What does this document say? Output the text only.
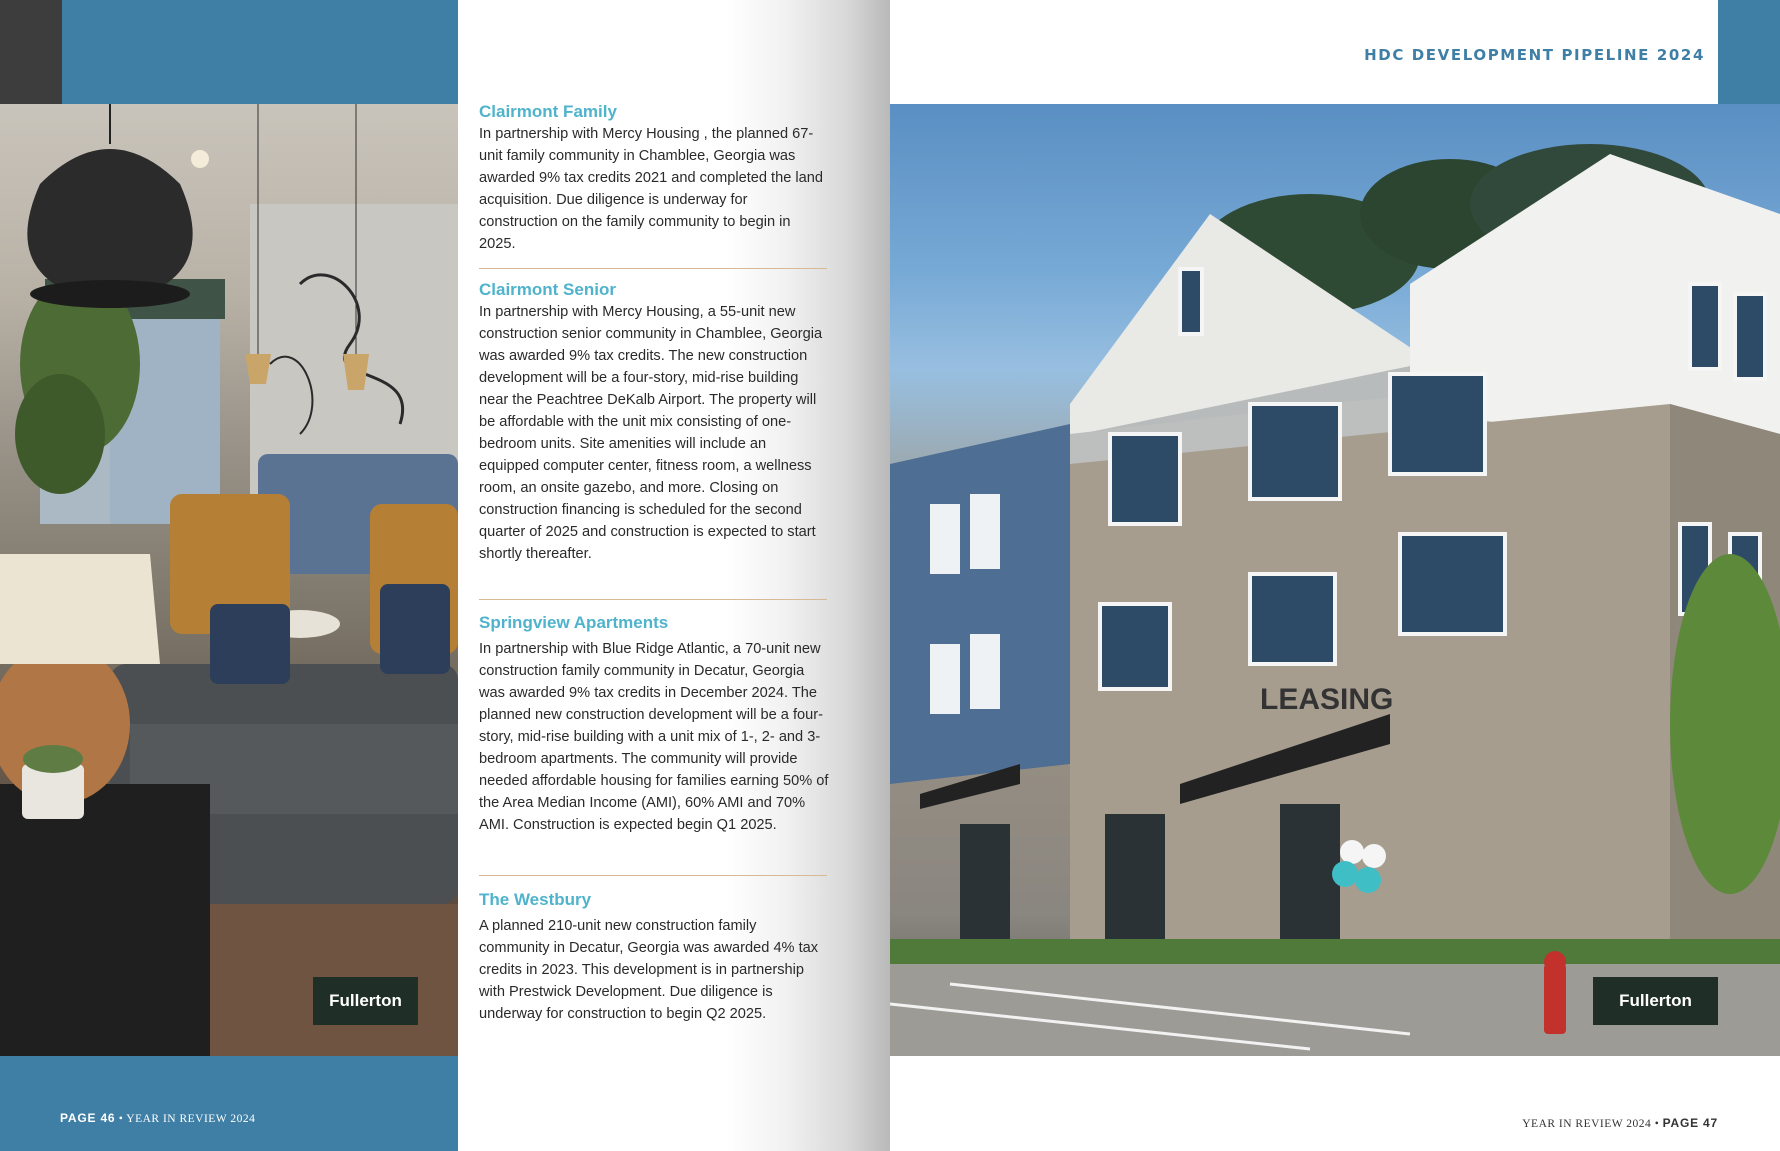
Fullerton
PAGE 46 • YEAR IN REVIEW 2024
Clairmont Family
In partnership with Mercy Housing , the planned 67-unit family community in Chamblee, Georgia was awarded 9% tax credits 2021 and completed the land acquisition. Due diligence is underway for construction on the family community to begin in 2025.
Clairmont Senior
In partnership with Mercy Housing, a 55-unit new construction senior community in Chamblee, Georgia was awarded 9% tax credits. The new construction development will be a four-story, mid-rise building near the Peachtree DeKalb Airport. The property will be affordable with the unit mix consisting of one-bedroom units. Site amenities will include an equipped computer center, fitness room, a wellness room, an onsite gazebo, and more. Closing on construction financing is scheduled for the second quarter of 2025 and construction is expected to start shortly thereafter.
Springview Apartments
In partnership with Blue Ridge Atlantic, a 70-unit new construction family community in Decatur, Georgia was awarded 9% tax credits in December 2024. The planned new construction development will be a four-story, mid-rise building with a unit mix of 1-, 2- and 3-bedroom apartments. The community will provide needed affordable housing for families earning 50% of the Area Median Income (AMI), 60% AMI and 70% AMI. Construction is expected begin Q1 2025.
The Westbury
A planned 210-unit new construction family community in Decatur, Georgia was awarded 4% tax credits in 2023. This development is in partnership with Prestwick Development. Due diligence is underway for construction to begin Q2 2025.
HDC DEVELOPMENT PIPELINE 2024
LEASING
Fullerton
YEAR IN REVIEW 2024 • PAGE 47
